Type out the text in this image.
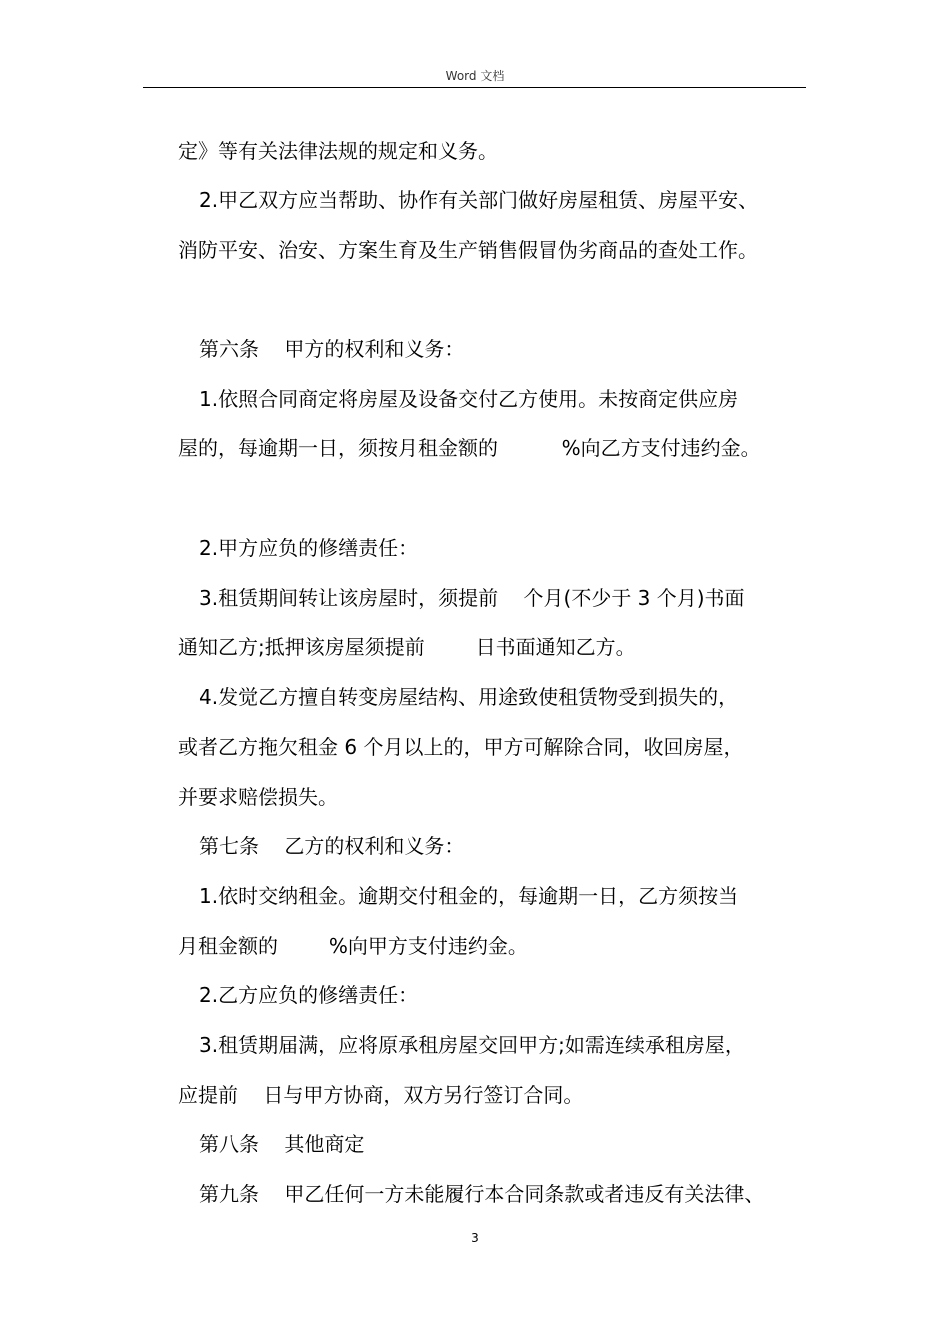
Word 文档
定》等有关法律法规的规定和义务。
2.甲乙双方应当帮助、协作有关部门做好房屋租赁、房屋平安、
消防平安、治安、方案生育及生产销售假冒伪劣商品的查处工作。
第六条    甲方的权利和义务：
1.依照合同商定将房屋及设备交付乙方使用。未按商定供应房
屋的，每逾期一日，须按月租金额的          %向乙方支付违约金。
2.甲方应负的修缮责任：
3.租赁期间转让该房屋时，须提前    个月(不少于 3 个月)书面
通知乙方;抵押该房屋须提前        日书面通知乙方。
4.发觉乙方擅自转变房屋结构、用途致使租赁物受到损失的，
或者乙方拖欠租金 6 个月以上的，甲方可解除合同，收回房屋，
并要求赔偿损失。
第七条    乙方的权利和义务：
1.依时交纳租金。逾期交付租金的，每逾期一日，乙方须按当
月租金额的        %向甲方支付违约金。
2.乙方应负的修缮责任：
3.租赁期届满，应将原承租房屋交回甲方;如需连续承租房屋，
应提前    日与甲方协商，双方另行签订合同。
第八条    其他商定
第九条    甲乙任何一方未能履行本合同条款或者违反有关法律、
3
